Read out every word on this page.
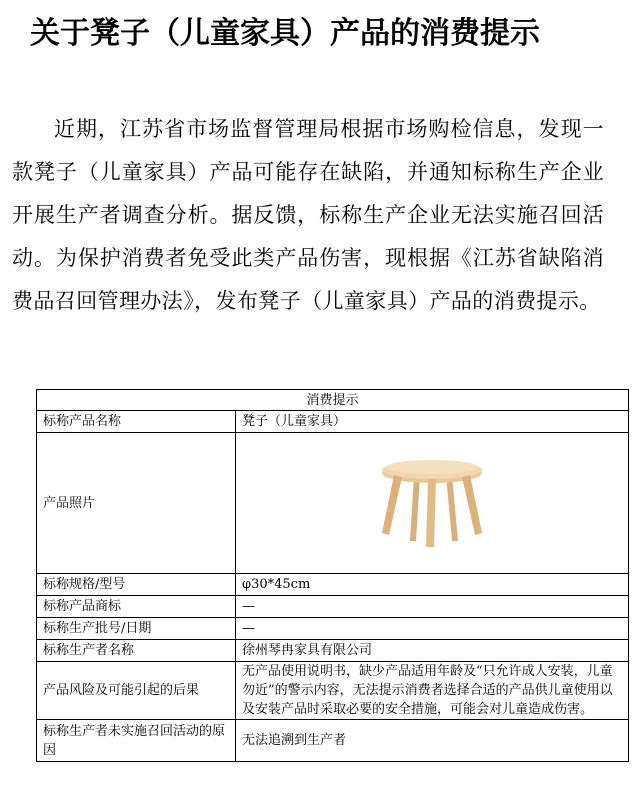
关于凳子（儿童家具）产品的消费提示

近期，江苏省市场监督管理局根据市场购检信息，发现一款凳子（儿童家具）产品可能存在缺陷，并通知标称生产企业开展生产者调查分析。据反馈，标称生产企业无法实施召回活动。为保护消费者免受此类产品伤害，现根据《江苏省缺陷消费品召回管理办法》，发布凳子（儿童家具）产品的消费提示。

消费提示	
标称产品名称	凳子（儿童家具）
产品照片	

标称规格/型号	φ30*45cm
标称产品商标	—
标称生产批号/日期	—
标称生产者名称	徐州琴冉家具有限公司
产品风险及可能引起的后果	无产品使用说明书，缺少产品适用年龄及“只允许成人安装，儿童勿近”的警示内容，无法提示消费者选择合适的产品供儿童使用以及安装产品时采取必要的安全措施，可能会对儿童造成伤害。
标称生产者未实施召回活动的原因	无法追溯到生产者
